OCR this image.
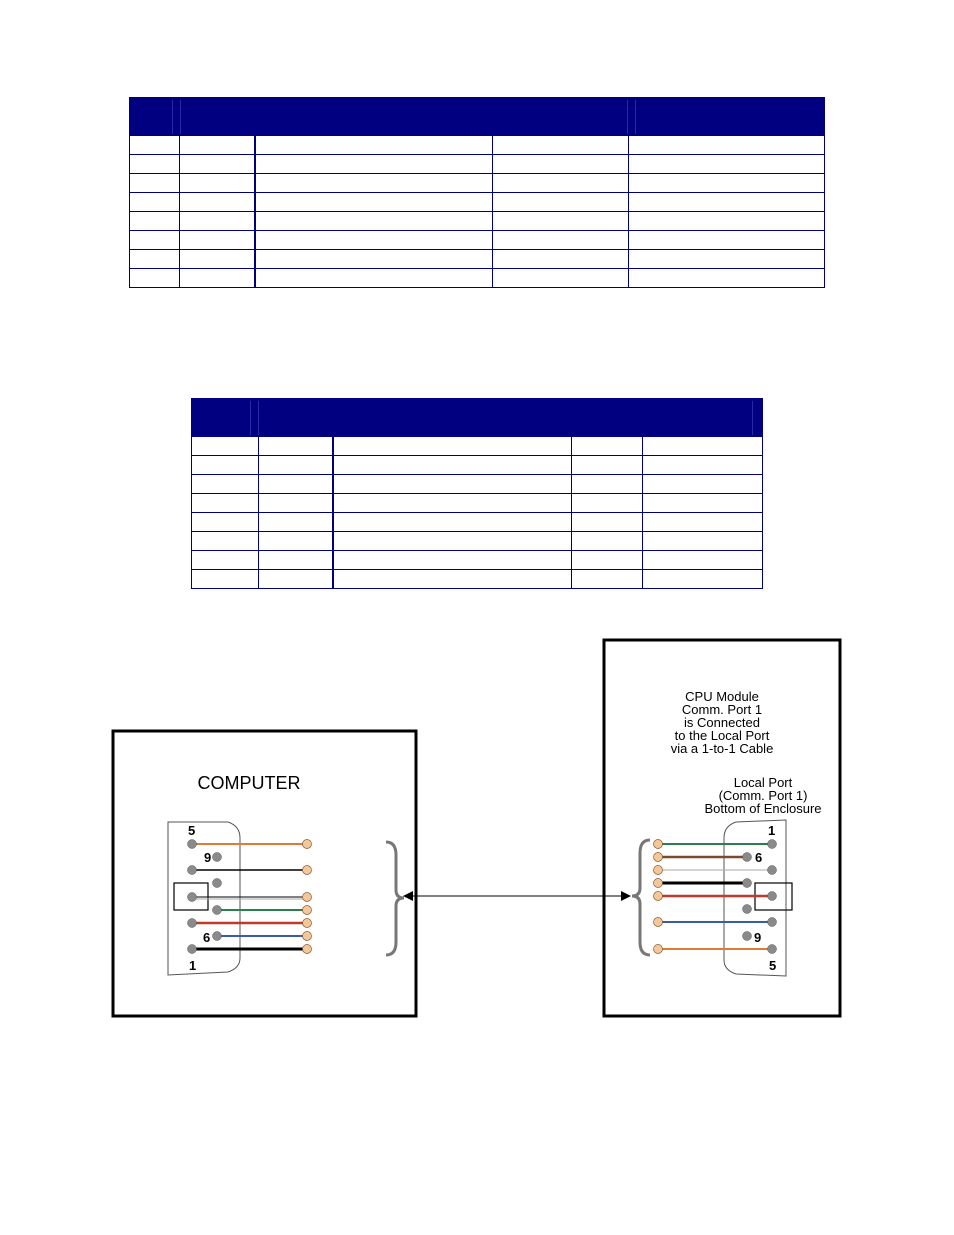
COMPUTER
5
9
6
1
CPU Module
Comm. Port 1
is Connected
to the Local Port
via a 1-to-1 Cable
Local Port
(Comm. Port 1)
Bottom of Enclosure
1
6
9
5
